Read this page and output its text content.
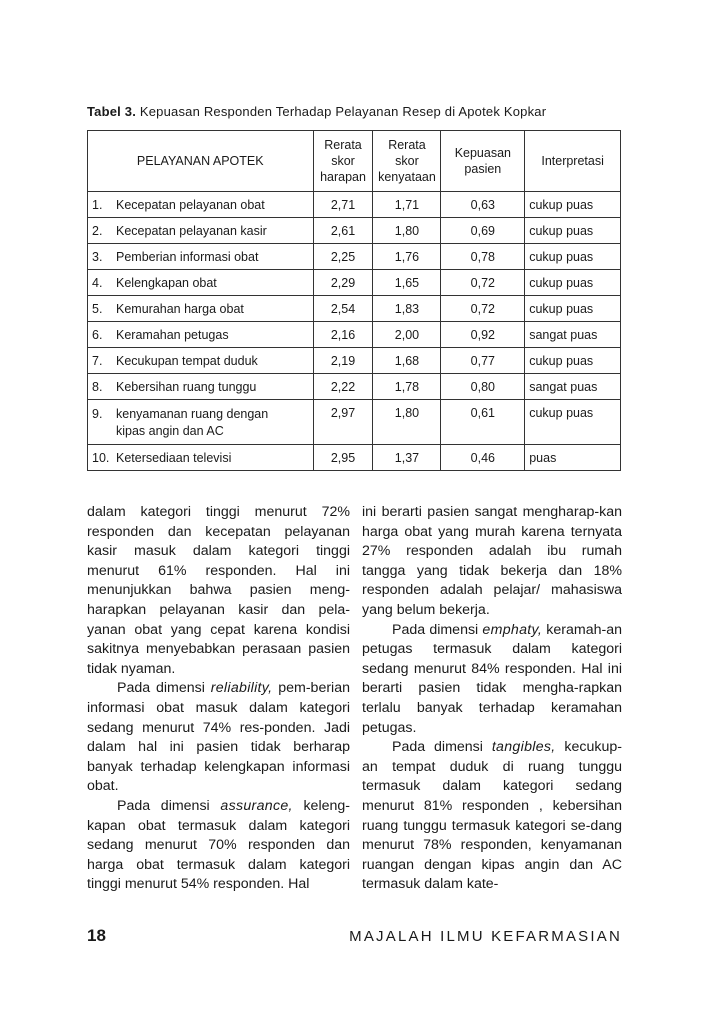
Tabel 3. Kepuasan Responden Terhadap Pelayanan Resep di Apotek Kopkar
PELAYANAN APOTEK	Rerata skor harapan	Rerata skor kenyataan	Kepuasan pasien	Interpretasi
1. Kecepatan pelayanan obat	2,71	1,71	0,63	cukup puas
2. Kecepatan pelayanan kasir	2,61	1,80	0,69	cukup puas
3. Pemberian informasi obat	2,25	1,76	0,78	cukup puas
4. Kelengkapan obat	2,29	1,65	0,72	cukup puas
5. Kemurahan harga obat	2,54	1,83	0,72	cukup puas
6. Keramahan petugas	2,16	2,00	0,92	sangat puas
7. Kecukupan tempat duduk	2,19	1,68	0,77	cukup puas
8. Kebersihan ruang tunggu	2,22	1,78	0,80	sangat puas
9. kenyamanan ruang dengan kipas angin dan AC	2,97	1,80	0,61	cukup puas
10. Ketersediaan televisi	2,95	1,37	0,46	puas

dalam kategori tinggi menurut 72% responden dan kecepatan pelayanan kasir masuk dalam kategori tinggi menurut 61% responden. Hal ini menunjukkan bahwa pasien meng-harapkan pelayanan kasir dan pela-yanan obat yang cepat karena kondisi sakitnya menyebabkan perasaan pasien tidak nyaman.

Pada dimensi reliability, pem-berian informasi obat masuk dalam kategori sedang menurut 74% res-ponden. Jadi dalam hal ini pasien tidak berharap banyak terhadap kelengkapan informasi obat.

Pada dimensi assurance, keleng-kapan obat termasuk dalam kategori sedang menurut 70% responden dan harga obat termasuk dalam kategori tinggi menurut 54% responden. Hal

ini berarti pasien sangat mengharap-kan harga obat yang murah karena ternyata 27% responden adalah ibu rumah tangga yang tidak bekerja dan 18% responden adalah pelajar/ mahasiswa yang belum bekerja.

Pada dimensi emphaty, keramah-an petugas termasuk dalam kategori sedang menurut 84% responden. Hal ini berarti pasien tidak mengha-rapkan terlalu banyak terhadap keramahan petugas.

Pada dimensi tangibles, kecukup-an tempat duduk di ruang tunggu termasuk dalam kategori sedang menurut 81% responden , kebersihan ruang tunggu termasuk kategori se-dang menurut 78% responden, kenyamanan ruangan dengan kipas angin dan AC termasuk dalam kate-

18	MAJALAH ILMU KEFARMASIAN
